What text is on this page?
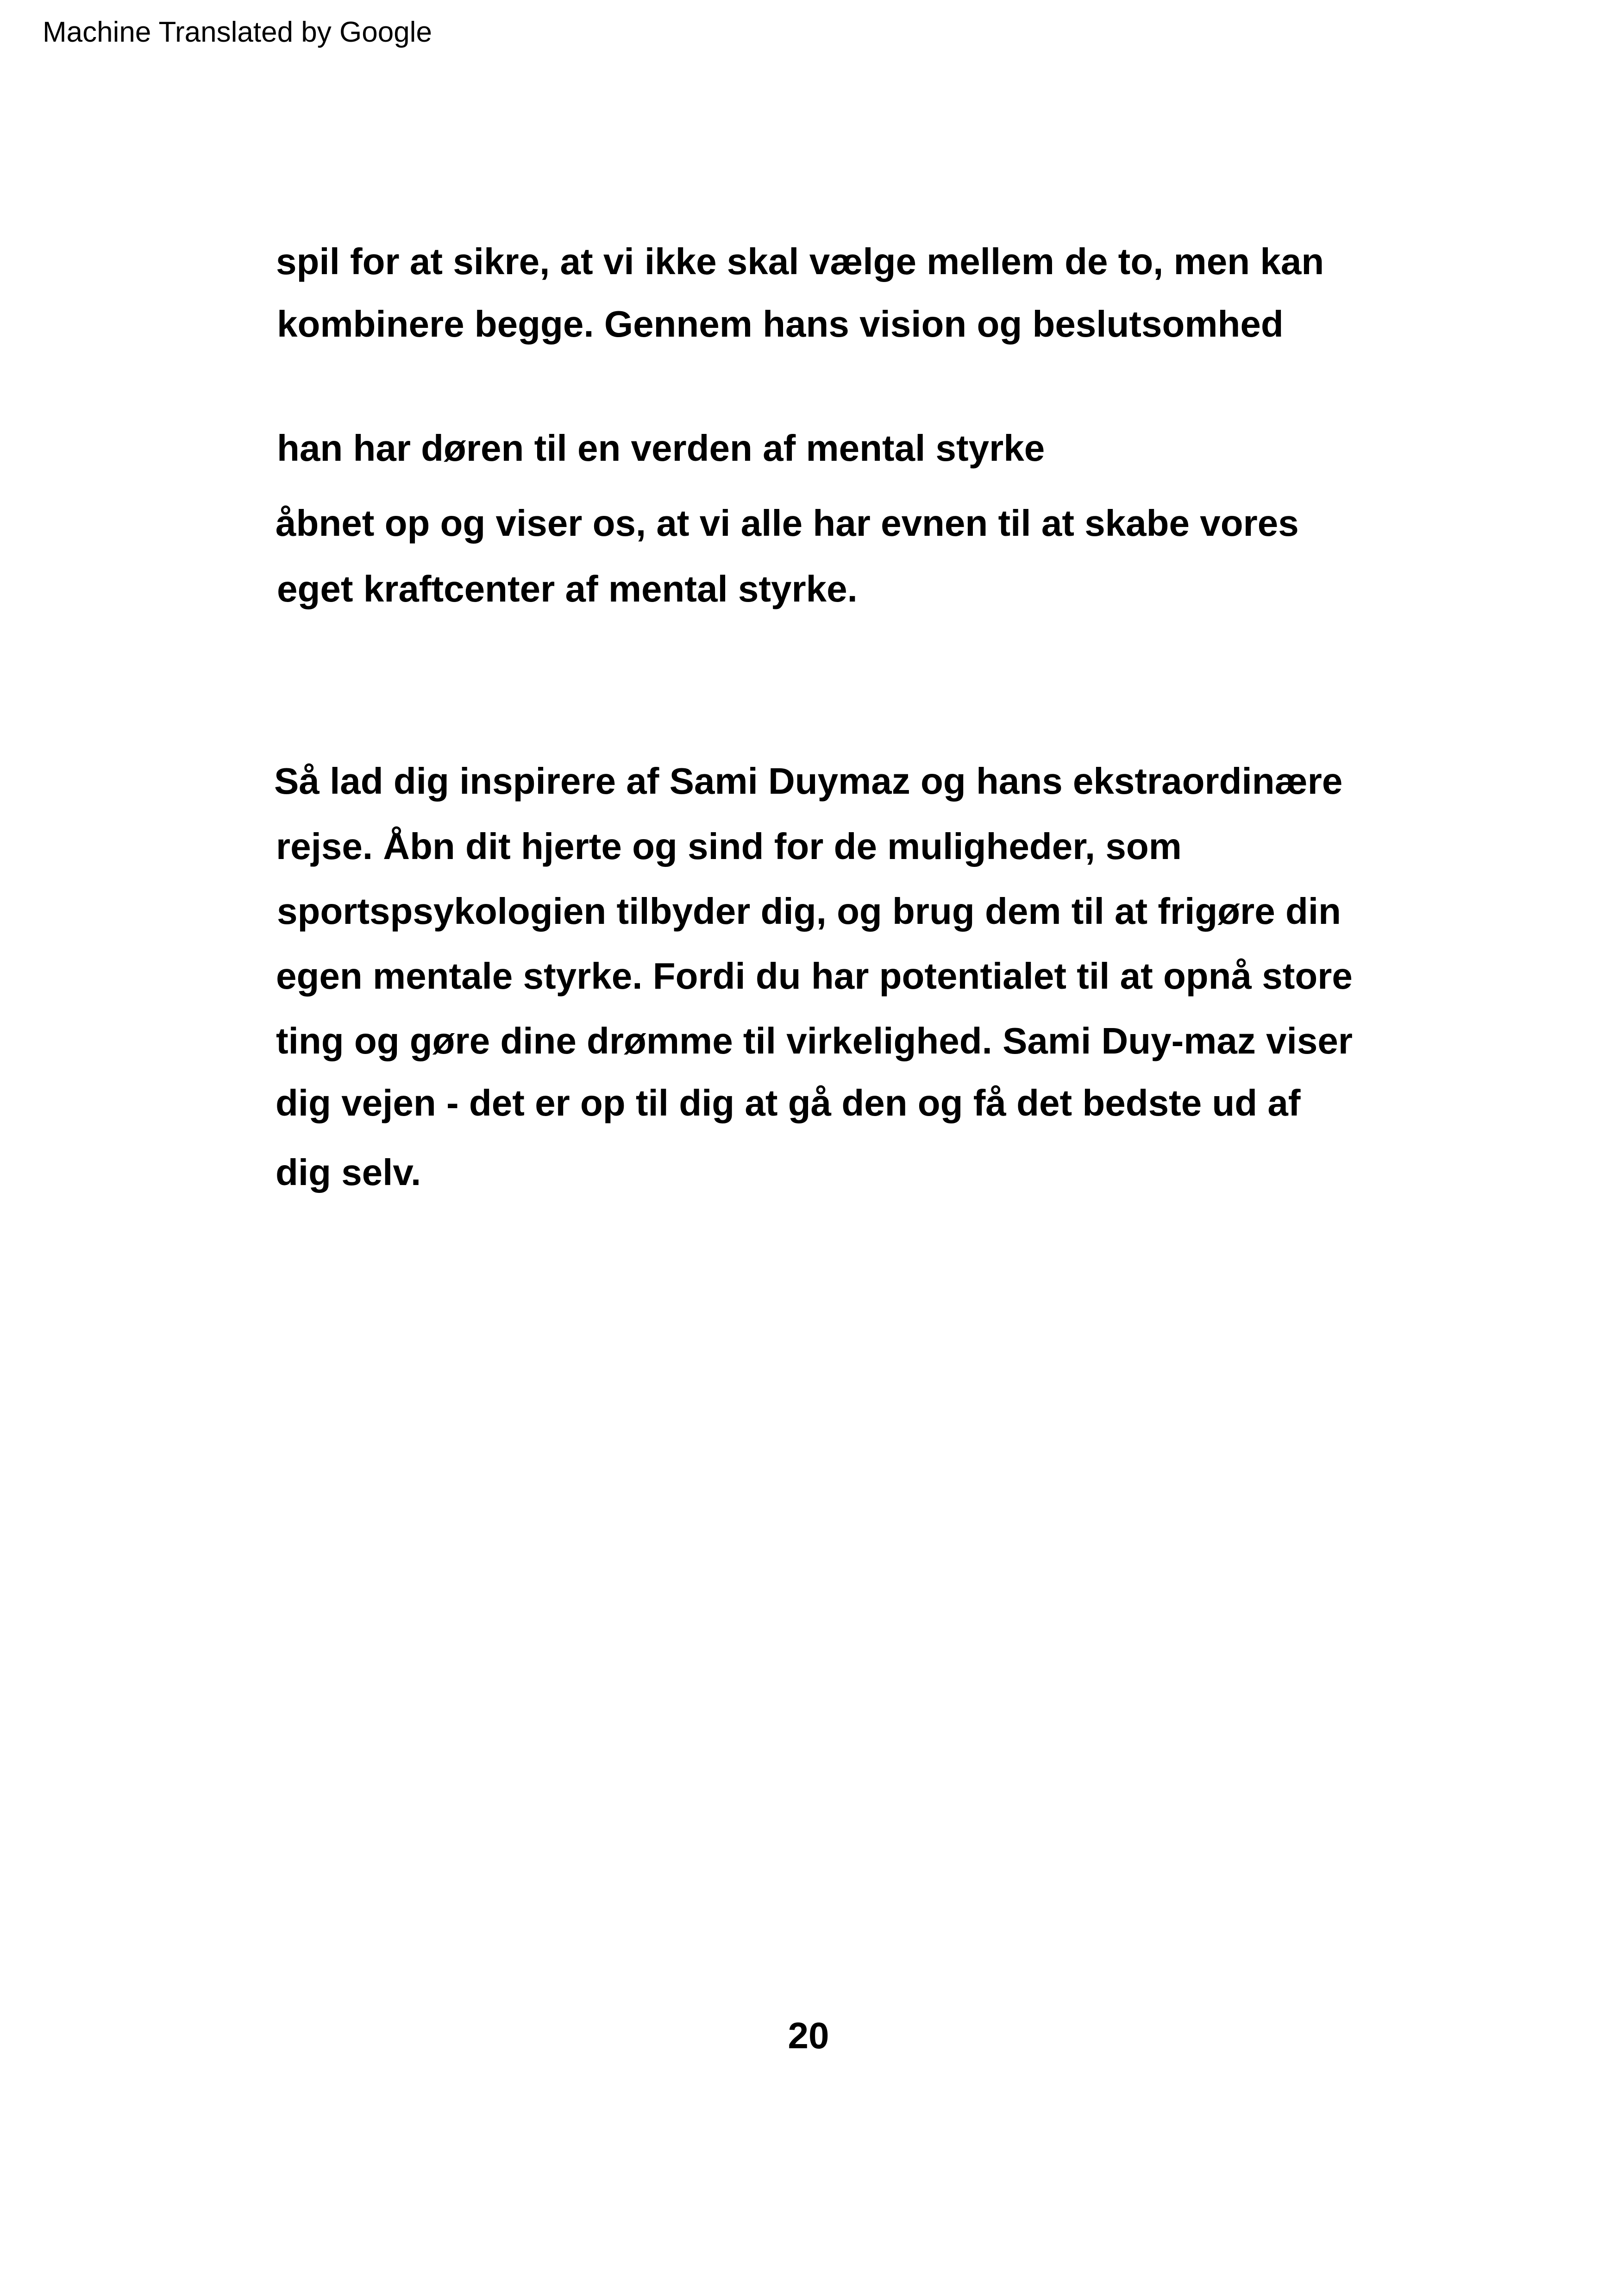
Machine Translated by Google
spil for at sikre, at vi ikke skal vælge mellem de to, men kan
kombinere begge. Gennem hans vision og beslutsomhed
han har døren til en verden af mental styrke
åbnet op og viser os, at vi alle har evnen til at skabe vores
eget kraftcenter af mental styrke.
Så lad dig inspirere af Sami Duymaz og hans ekstraordinære
rejse. Åbn dit hjerte og sind for de muligheder, som
sportspsykologien tilbyder dig, og brug dem til at frigøre din
egen mentale styrke. Fordi du har potentialet til at opnå store
ting og gøre dine drømme til virkelighed. Sami Duy-maz viser
dig vejen - det er op til dig at gå den og få det bedste ud af
dig selv.
20
